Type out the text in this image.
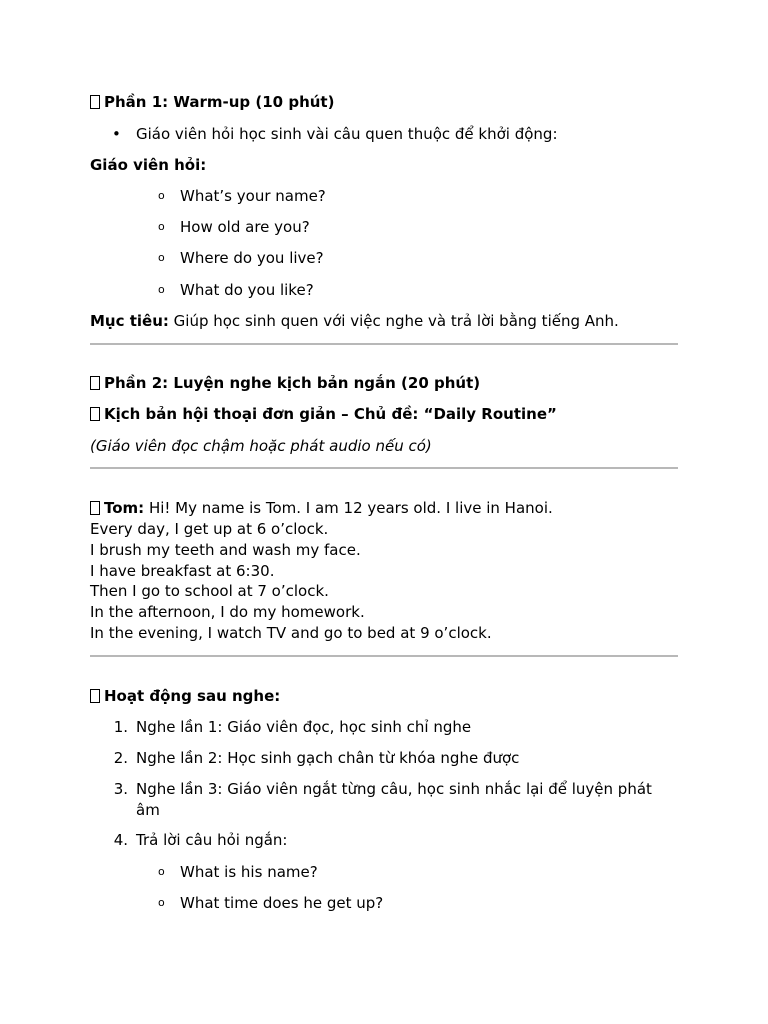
Phần 1: Warm-up (10 phút)
• Giáo viên hỏi học sinh vài câu quen thuộc để khởi động:
Giáo viên hỏi:
o What’s your name?
o How old are you?
o Where do you live?
o What do you like?
Mục tiêu: Giúp học sinh quen với việc nghe và trả lời bằng tiếng Anh.
Phần 2: Luyện nghe kịch bản ngắn (20 phút)
Kịch bản hội thoại đơn giản – Chủ đề: “Daily Routine”
(Giáo viên đọc chậm hoặc phát audio nếu có)
Tom: Hi! My name is Tom. I am 12 years old. I live in Hanoi.
Every day, I get up at 6 o’clock.
I brush my teeth and wash my face.
I have breakfast at 6:30.
Then I go to school at 7 o’clock.
In the afternoon, I do my homework.
In the evening, I watch TV and go to bed at 9 o’clock.
Hoạt động sau nghe:
1. Nghe lần 1: Giáo viên đọc, học sinh chỉ nghe
2. Nghe lần 2: Học sinh gạch chân từ khóa nghe được
3. Nghe lần 3: Giáo viên ngắt từng câu, học sinh nhắc lại để luyện phát
âm
4. Trả lời câu hỏi ngắn:
o What is his name?
o What time does he get up?
